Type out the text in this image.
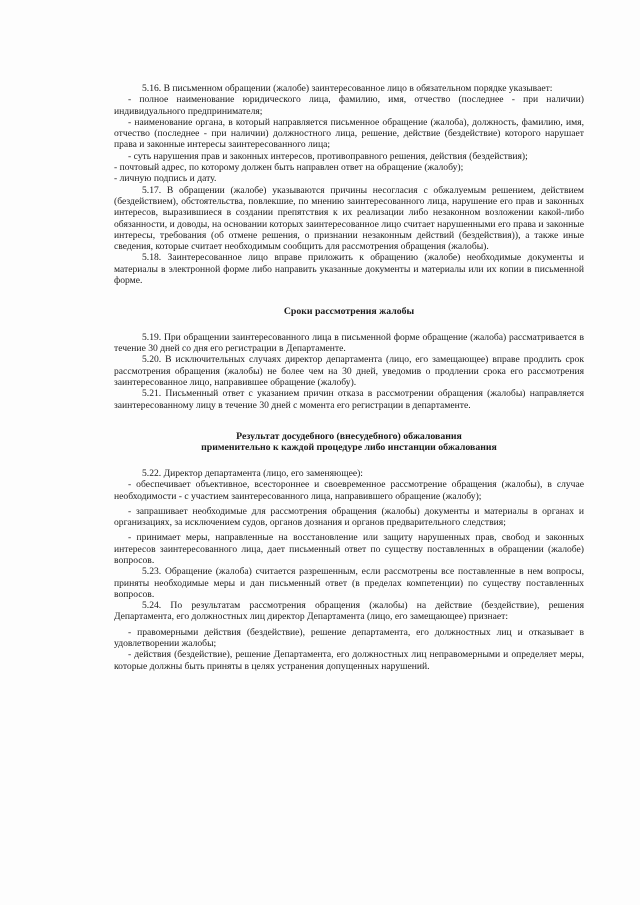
5.16. В письменном обращении (жалобе) заинтересованное лицо в обязательном порядке указывает:

- полное наименование юридического лица, фамилию, имя, отчество (последнее - при наличии) индивидуального предпринимателя;

- наименование органа, в который направляется письменное обращение (жалоба), должность, фамилию, имя, отчество (последнее - при наличии) должностного лица, решение, действие (бездействие) которого нарушает права и законные интересы заинтересованного лица;

- суть нарушения прав и законных интересов, противоправного решения, действия (бездействия);

- почтовый адрес, по которому должен быть направлен ответ на обращение (жалобу);

- личную подпись и дату.

5.17. В обращении (жалобе) указываются причины несогласия с обжалуемым решением, действием (бездействием), обстоятельства, повлекшие, по мнению заинтересованного лица, нарушение его прав и законных интересов, выразившиеся в создании препятствия к их реализации либо незаконном возложении какой-либо обязанности, и доводы, на основании которых заинтересованное лицо считает нарушенными его права и законные интересы, требования (об отмене решения, о признании незаконным действий (бездействия)), а также иные сведения, которые считает необходимым сообщить для рассмотрения обращения (жалобы).

5.18. Заинтересованное лицо вправе приложить к обращению (жалобе) необходимые документы и материалы в электронной форме либо направить указанные документы и материалы или их копии в письменной форме.

Сроки рассмотрения жалобы

5.19. При обращении заинтересованного лица в письменной форме обращение (жалоба) рассматривается в течение 30 дней со дня его регистрации в Департаменте.

5.20. В исключительных случаях директор департамента (лицо, его замещающее) вправе продлить срок рассмотрения обращения (жалобы) не более чем на 30 дней, уведомив о продлении срока его рассмотрения заинтересованное лицо, направившее обращение (жалобу).

5.21. Письменный ответ с указанием причин отказа в рассмотрении обращения (жалобы) направляется заинтересованному лицу в течение 30 дней с момента его регистрации в департаменте.

Результат досудебного (внесудебного) обжалования
применительно к каждой процедуре либо инстанции обжалования

5.22. Директор департамента (лицо, его заменяющее):

- обеспечивает объективное, всестороннее и своевременное рассмотрение обращения (жалобы), в случае необходимости - с участием заинтересованного лица, направившего обращение (жалобу);

- запрашивает необходимые для рассмотрения обращения (жалобы) документы и материалы в органах и организациях, за исключением судов, органов дознания и органов предварительного следствия;

- принимает меры, направленные на восстановление или защиту нарушенных прав, свобод и законных интересов заинтересованного лица, дает письменный ответ по существу поставленных в обращении (жалобе) вопросов.

5.23. Обращение (жалоба) считается разрешенным, если рассмотрены все поставленные в нем вопросы, приняты необходимые меры и дан письменный ответ (в пределах компетенции) по существу поставленных вопросов.

5.24. По результатам рассмотрения обращения (жалобы) на действие (бездействие), решения Департамента, его должностных лиц директор Департамента (лицо, его замещающее) признает:

- правомерными действия (бездействие), решение департамента, его должностных лиц и отказывает в удовлетворении жалобы;

- действия (бездействие), решение Департамента, его должностных лиц неправомерными и определяет меры, которые должны быть приняты в целях устранения допущенных нарушений.
